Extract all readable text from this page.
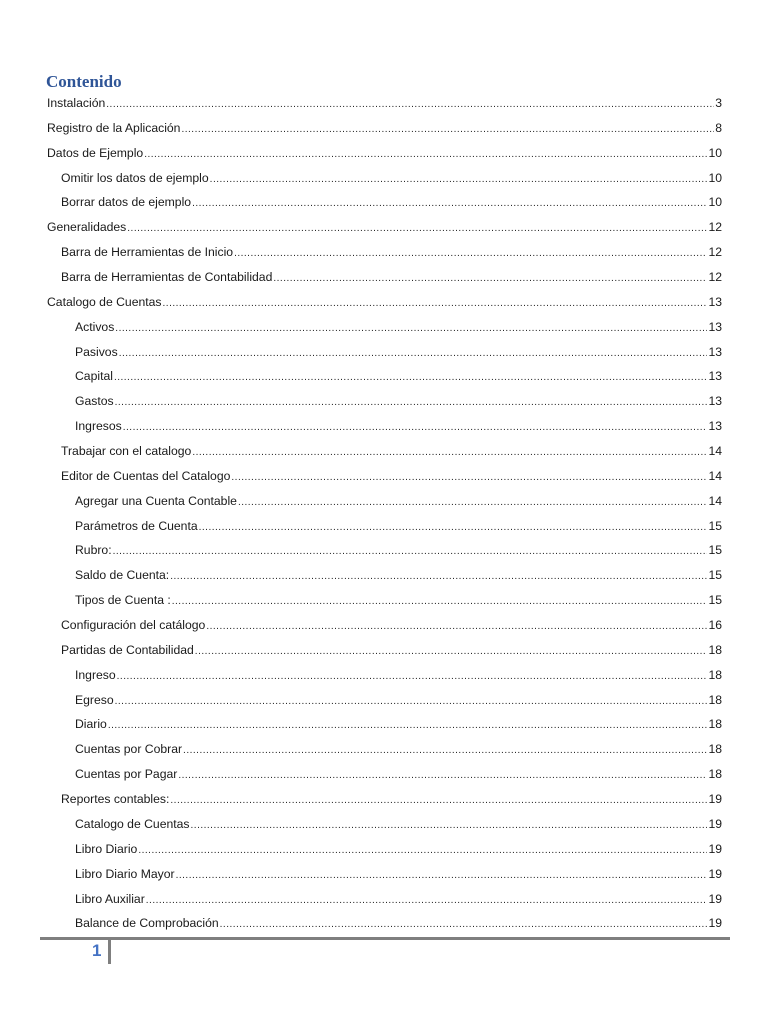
Contenido
Instalación .....	3
Registro de la Aplicación .....	8
Datos de Ejemplo .....	10
Omitir los datos de ejemplo .....	10
Borrar datos de ejemplo .....	10
Generalidades .....	12
Barra de Herramientas de Inicio .....	12
Barra de Herramientas de Contabilidad .....	12
Catalogo de Cuentas .....	13
Activos .....	13
Pasivos .....	13
Capital .....	13
Gastos .....	13
Ingresos .....	13
Trabajar con el catalogo .....	14
Editor de Cuentas del Catalogo .....	14
Agregar una Cuenta Contable .....	14
Parámetros de Cuenta .....	15
Rubro: .....	15
Saldo de Cuenta: .....	15
Tipos de Cuenta : .....	15
Configuración del catálogo .....	16
Partidas de Contabilidad .....	18
Ingreso .....	18
Egreso .....	18
Diario .....	18
Cuentas por Cobrar .....	18
Cuentas por Pagar .....	18
Reportes contables: .....	19
Catalogo de Cuentas .....	19
Libro Diario .....	19
Libro Diario Mayor .....	19
Libro Auxiliar .....	19
Balance de Comprobación .....	19
1
